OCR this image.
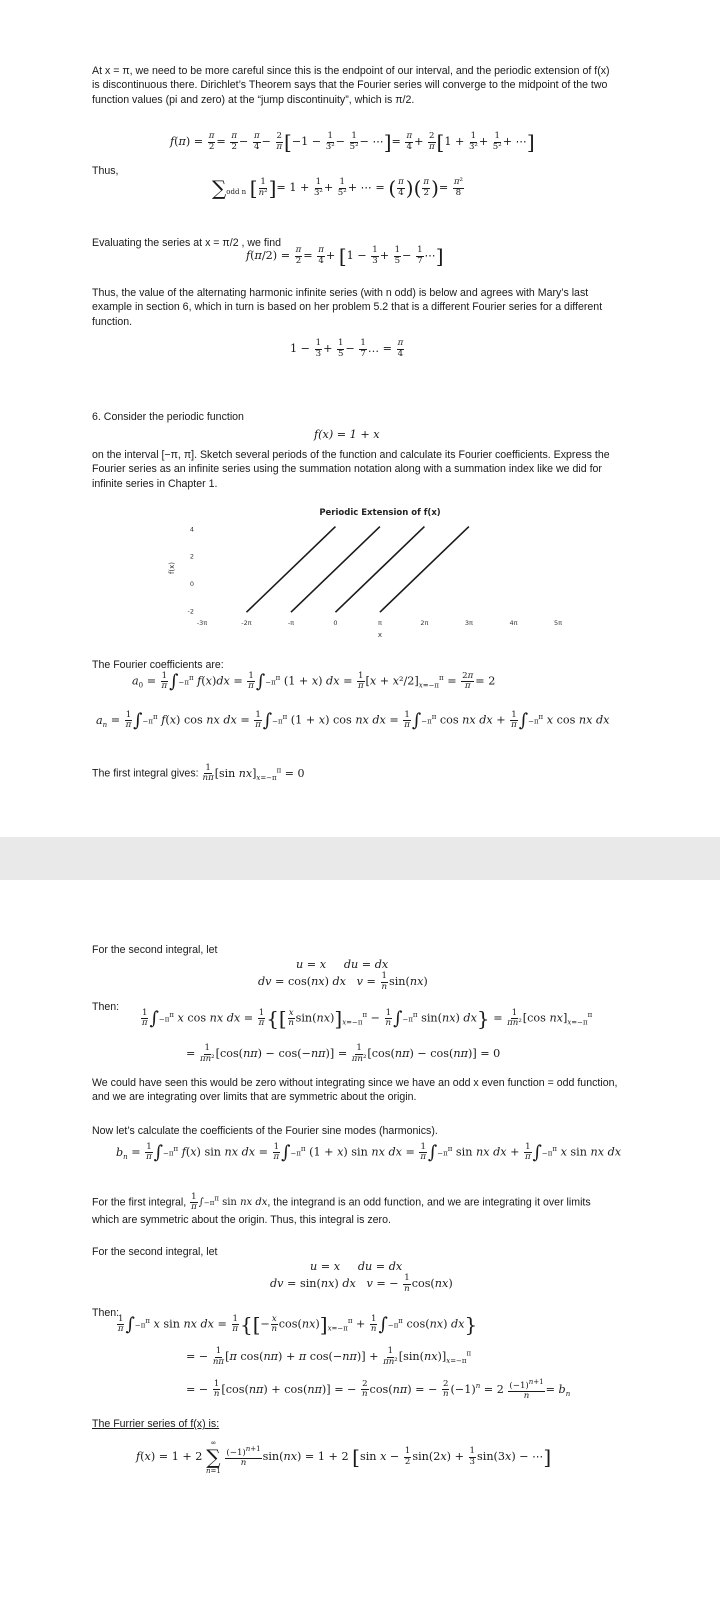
At x = π, we need to be more careful since this is the endpoint of our interval, and the periodic extension of f(x) is discontinuous there. Dirichlet’s Theorem says that the Fourier series will converge to the midpoint of the two function values (pi and zero) at the “jump discontinuity”, which is π/2.
$f(\pi) = \frac{\pi}{2} = \frac{\pi}{2} - \frac{\pi}{4} - \frac{2}{\pi} [-1 - \frac{1}{\text{3²}} - \frac{1}{\text{5²}}$ − ⋯]= $\frac{\pi}{4} + \frac{2}{\pi} [1 + \frac{1}{\text{3²}} + \frac{1}{\text{5²}}$ + ⋯]
Thus,
$\sum_{odd n}$ [ $\frac{1}{\text{n²}}$ ]= $1 + \frac{1}{\text{3²}} + \frac{1}{\text{5²}}$ + ⋯ = ( $\frac{\pi}{4}$ )( $\frac{\pi}{2}$ )= $\frac{\text{π²}}{8}$
Evaluating the series at x = π/2 , we find
$f(\pi/2) = \frac{\pi}{2} = \frac{\pi}{4} + [1 - \frac{1}{3} + \frac{1}{5} - \frac{1}{7}$ ⋯]
Thus, the value of the alternating harmonic infinite series (with n odd) is below and agrees with Mary’s last example in section 6, which in turn is based on her problem 5.2 that is a different Fourier series for a different function.
$1 - \frac{1}{3} + \frac{1}{5} - \frac{1}{7}$ … = $\frac{\pi}{4}$
6. Consider the periodic function
f(x) = 1 + x
on the interval [−π, π]. Sketch several periods of the function and calculate its Fourier coefficients. Express the Fourier series as an infinite series using the summation notation along with a summation index like we did for infinite series in Chapter 1.
Periodic Extension of f(x)
-2
0
2
4
-3π	-2π	-π	0	π	2π	3π	4π	5π
x
f(x)
The Fourier coefficients are:
$a_0 = \frac{1}{\pi} \int-\pi^\pi$ $f(x)dx = \frac{1}{\pi} \int-\pi^\pi$ (1 + x) dx = $\frac{1}{\pi} [x + x^2/2]_{x=-\pi}^\pi = \frac{2\pi}{\pi} = 2$
$a_n = \frac{1}{\pi} \int-\pi^\pi$ f(x) cos nx dx = $\frac{1}{\pi} \int-\pi^\pi$ (1 + x) cos nx dx = $\frac{1}{\pi} \int-\pi^\pi$ cos nx dx + $\frac{1}{\pi} \int-\pi^\pi$ x cos nx dx
The first integral gives: $\frac{1}{n\pi} [\sin$ $nx]_{x=-\pi}^\pi = 0$
For the second integral, let
u = x du = dx
dv = cos(nx) dx $v = \frac{1}{n} \sin(nx)$
Then:
$\frac{1}{\pi} \int-\pi^\pi$ x cos nx dx = $\frac{1}{\pi}$ {[ $\frac{x}{n} \sin(nx)]_{x=-\pi}^\pi - \frac{1}{n} \int-\pi^\pi$ sin(nx) $dx\} = \frac{1}{\text{πn²}} [\cos$ $nx]_{x=-\pi}^\pi$
= $\frac{1}{\text{πn²}} [\cos(n\pi) - \cos(-n\pi)] = \frac{1}{\text{πn²}} [\cos(n\pi) - \cos(n\pi)] = 0$
We could have seen this would be zero without integrating since we have an odd x even function = odd function, and we are integrating over limits that are symmetric about the origin.
Now let’s calculate the coefficients of the Fourier sine modes (harmonics).
$b_n = \frac{1}{\pi} \int-\pi^\pi$ f(x) sin nx dx = $\frac{1}{\pi} \int-\pi^\pi$ (1 + x) sin nx dx = $\frac{1}{\pi} \int-\pi^\pi$ sin nx dx + $\frac{1}{\pi} \int-\pi^\pi$ x sin nx dx
For the first integral, $\frac{1}{\pi} \int-\pi^\pi$ sin nx dx, the integrand is an odd function, and we are integrating it over limits which are symmetric about the origin. Thus, this integral is zero.
For the second integral, let
u = x du = dx
dv = sin(nx) dx v = − $\frac{1}{n} \cos(nx)$
Then:
$\frac{1}{\pi} \int-\pi^\pi$ x sin nx dx = $\frac{1}{\pi}$ {[− $\frac{x}{n} \cos(nx)]_{x=-\pi}^\pi + \frac{1}{n} \int-\pi^\pi$ cos(nx) dx}
= − $\frac{1}{n\pi} [\pi$ cos(nπ) + π $\cos(-n\pi)] + \frac{1}{\text{πn²}} [\sin(nx)]_{x=-\pi}^\pi$
= − $\frac{1}{n} [\cos(n\pi) + \cos(n\pi)]$ = − $\frac{2}{n} \cos(n\pi)$ = − $\frac{2}{n} (-1)^n = 2 \frac{(-1)^{n+1}}{n} = b_n$
The Furrier series of f(x) is:
f(x) = 1 + 2
∞
∑
n=1

$\frac{(-1)^{n+1}}{n} \sin(nx) = 1 + 2$ [sin $x - \frac{1}{2} \sin(2x) + \frac{1}{3} \sin(3x)$ − ⋯]
